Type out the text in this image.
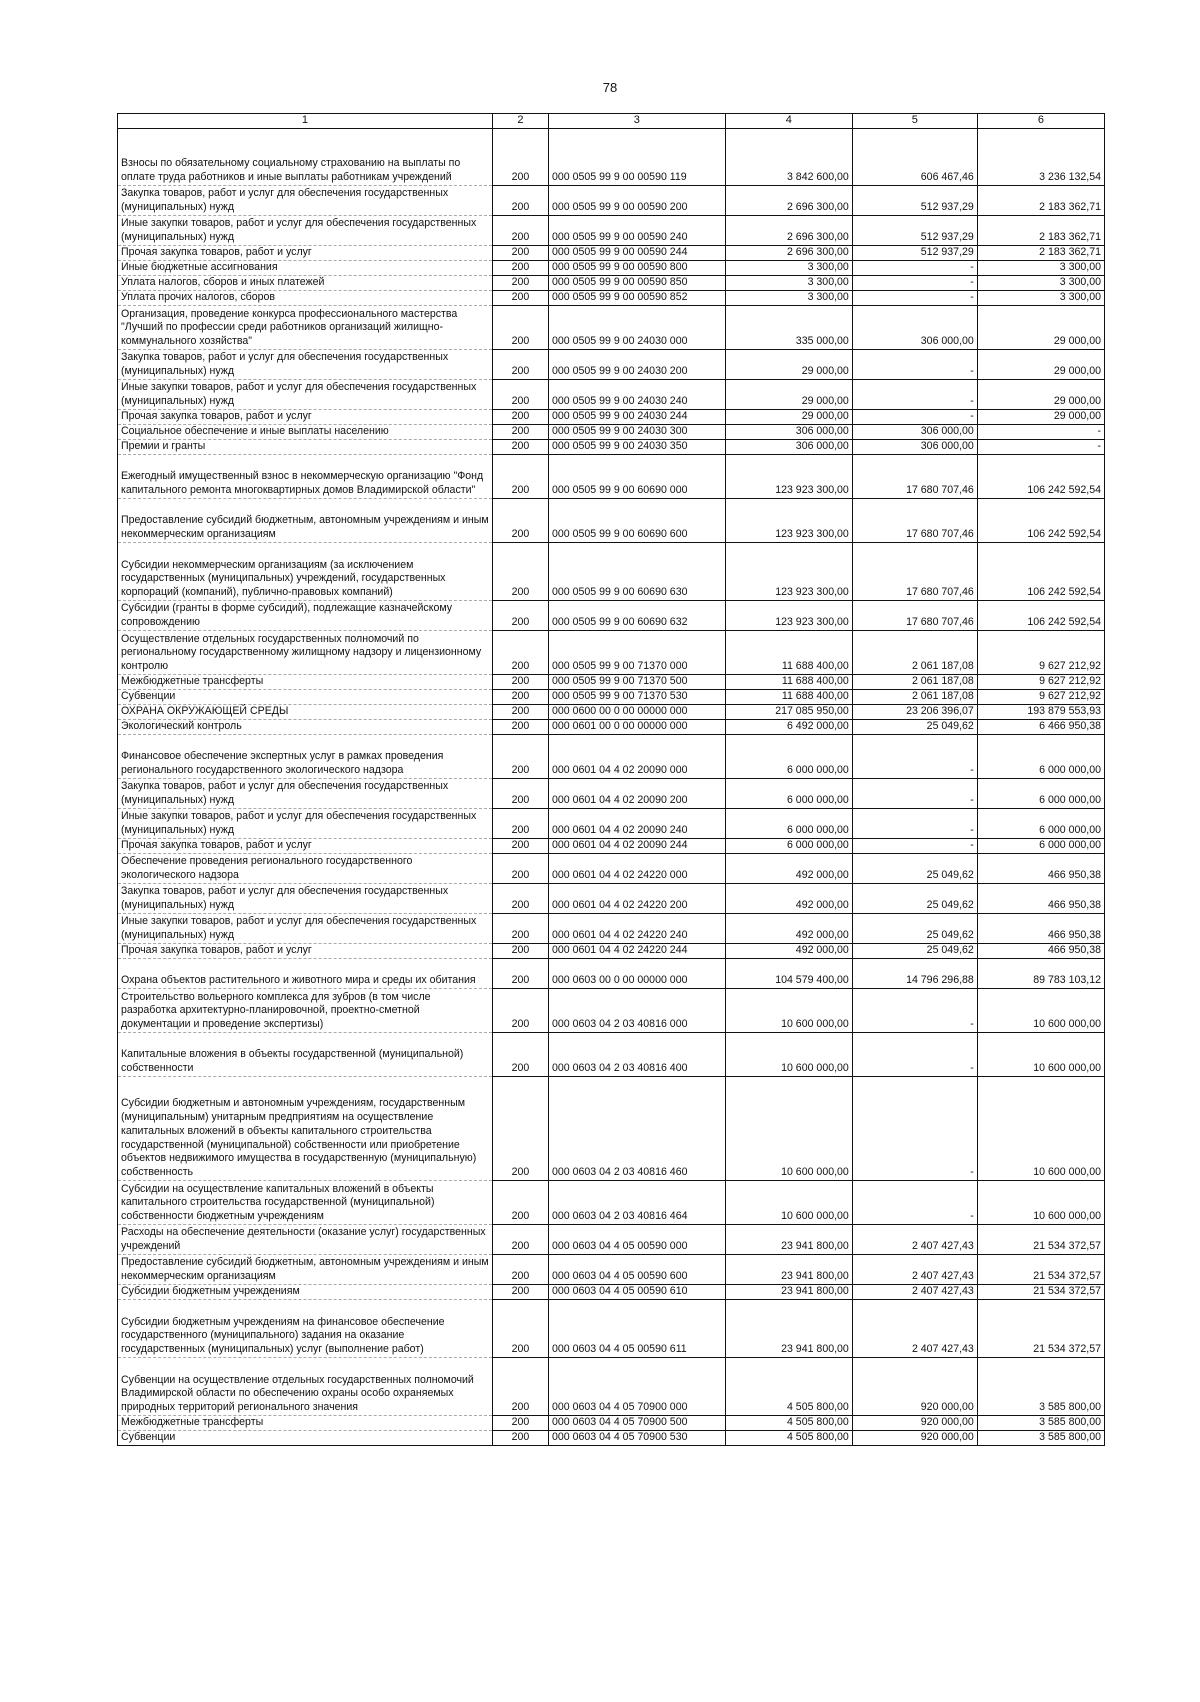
78
1	2	3	4	5	6
Взносы по обязательному социальному страхованию на выплаты по оплате труда работников и иные выплаты работникам учреждений	200	000 0505 99 9 00 00590 119	3 842 600,00	606 467,46	3 236 132,54
Закупка товаров, работ и услуг для обеспечения государственных (муниципальных) нужд	200	000 0505 99 9 00 00590 200	2 696 300,00	512 937,29	2 183 362,71
Иные закупки товаров, работ и услуг для обеспечения государственных (муниципальных) нужд	200	000 0505 99 9 00 00590 240	2 696 300,00	512 937,29	2 183 362,71
Прочая закупка товаров, работ и услуг	200	000 0505 99 9 00 00590 244	2 696 300,00	512 937,29	2 183 362,71
Иные бюджетные ассигнования	200	000 0505 99 9 00 00590 800	3 300,00	-	3 300,00
Уплата налогов, сборов и иных платежей	200	000 0505 99 9 00 00590 850	3 300,00	-	3 300,00
Уплата прочих налогов, сборов	200	000 0505 99 9 00 00590 852	3 300,00	-	3 300,00
Организация, проведение конкурса профессионального мастерства "Лучший по профессии среди работников организаций жилищно-коммунального хозяйства"	200	000 0505 99 9 00 24030 000	335 000,00	306 000,00	29 000,00
Закупка товаров, работ и услуг для обеспечения государственных (муниципальных) нужд	200	000 0505 99 9 00 24030 200	29 000,00	-	29 000,00
Иные закупки товаров, работ и услуг для обеспечения государственных (муниципальных) нужд	200	000 0505 99 9 00 24030 240	29 000,00	-	29 000,00
Прочая закупка товаров, работ и услуг	200	000 0505 99 9 00 24030 244	29 000,00	-	29 000,00
Социальное обеспечение и иные выплаты населению	200	000 0505 99 9 00 24030 300	306 000,00	306 000,00	-
Премии и гранты	200	000 0505 99 9 00 24030 350	306 000,00	306 000,00	-
Ежегодный имущественный взнос в некоммерческую организацию "Фонд капитального ремонта многоквартирных домов Владимирской области"	200	000 0505 99 9 00 60690 000	123 923 300,00	17 680 707,46	106 242 592,54
Предоставление субсидий бюджетным, автономным учреждениям и иным некоммерческим организациям	200	000 0505 99 9 00 60690 600	123 923 300,00	17 680 707,46	106 242 592,54
Субсидии некоммерческим организациям (за исключением государственных (муниципальных) учреждений, государственных корпораций (компаний), публично-правовых компаний)	200	000 0505 99 9 00 60690 630	123 923 300,00	17 680 707,46	106 242 592,54
Субсидии (гранты в форме субсидий), подлежащие казначейскому сопровождению	200	000 0505 99 9 00 60690 632	123 923 300,00	17 680 707,46	106 242 592,54
Осуществление отдельных государственных полномочий по региональному государственному жилищному надзору и лицензионному контролю	200	000 0505 99 9 00 71370 000	11 688 400,00	2 061 187,08	9 627 212,92
Межбюджетные трансферты	200	000 0505 99 9 00 71370 500	11 688 400,00	2 061 187,08	9 627 212,92
Субвенции	200	000 0505 99 9 00 71370 530	11 688 400,00	2 061 187,08	9 627 212,92
ОХРАНА ОКРУЖАЮЩЕЙ СРЕДЫ	200	000 0600 00 0 00 00000 000	217 085 950,00	23 206 396,07	193 879 553,93
Экологический контроль	200	000 0601 00 0 00 00000 000	6 492 000,00	25 049,62	6 466 950,38
Финансовое обеспечение экспертных услуг в рамках проведения регионального государственного экологического надзора	200	000 0601 04 4 02 20090 000	6 000 000,00	-	6 000 000,00
Закупка товаров, работ и услуг для обеспечения государственных (муниципальных) нужд	200	000 0601 04 4 02 20090 200	6 000 000,00	-	6 000 000,00
Иные закупки товаров, работ и услуг для обеспечения государственных (муниципальных) нужд	200	000 0601 04 4 02 20090 240	6 000 000,00	-	6 000 000,00
Прочая закупка товаров, работ и услуг	200	000 0601 04 4 02 20090 244	6 000 000,00	-	6 000 000,00
Обеспечение проведения регионального государственного экологического надзора	200	000 0601 04 4 02 24220 000	492 000,00	25 049,62	466 950,38
Закупка товаров, работ и услуг для обеспечения государственных (муниципальных) нужд	200	000 0601 04 4 02 24220 200	492 000,00	25 049,62	466 950,38
Иные закупки товаров, работ и услуг для обеспечения государственных (муниципальных) нужд	200	000 0601 04 4 02 24220 240	492 000,00	25 049,62	466 950,38
Прочая закупка товаров, работ и услуг	200	000 0601 04 4 02 24220 244	492 000,00	25 049,62	466 950,38
Охрана объектов растительного и животного мира и среды их обитания	200	000 0603 00 0 00 00000 000	104 579 400,00	14 796 296,88	89 783 103,12
Строительство вольерного комплекса для зубров (в том числе разработка архитектурно-планировочной, проектно-сметной документации и проведение экспертизы)	200	000 0603 04 2 03 40816 000	10 600 000,00	-	10 600 000,00
Капитальные вложения в объекты государственной (муниципальной) собственности	200	000 0603 04 2 03 40816 400	10 600 000,00	-	10 600 000,00
Субсидии бюджетным и автономным учреждениям, государственным (муниципальным) унитарным предприятиям на осуществление капитальных вложений в объекты капитального строительства государственной (муниципальной) собственности или приобретение объектов недвижимого имущества в государственную (муниципальную) собственность	200	000 0603 04 2 03 40816 460	10 600 000,00	-	10 600 000,00
Субсидии на осуществление капитальных вложений в объекты капитального строительства государственной (муниципальной) собственности бюджетным учреждениям	200	000 0603 04 2 03 40816 464	10 600 000,00	-	10 600 000,00
Расходы на обеспечение деятельности (оказание услуг) государственных учреждений	200	000 0603 04 4 05 00590 000	23 941 800,00	2 407 427,43	21 534 372,57
Предоставление субсидий бюджетным, автономным учреждениям и иным некоммерческим организациям	200	000 0603 04 4 05 00590 600	23 941 800,00	2 407 427,43	21 534 372,57
Субсидии бюджетным учреждениям	200	000 0603 04 4 05 00590 610	23 941 800,00	2 407 427,43	21 534 372,57
Субсидии бюджетным учреждениям на финансовое обеспечение государственного (муниципального) задания на оказание государственных (муниципальных) услуг (выполнение работ)	200	000 0603 04 4 05 00590 611	23 941 800,00	2 407 427,43	21 534 372,57
Субвенции на осуществление отдельных государственных полномочий Владимирской области по обеспечению охраны особо охраняемых природных территорий регионального значения	200	000 0603 04 4 05 70900 000	4 505 800,00	920 000,00	3 585 800,00
Межбюджетные трансферты	200	000 0603 04 4 05 70900 500	4 505 800,00	920 000,00	3 585 800,00
Субвенции	200	000 0603 04 4 05 70900 530	4 505 800,00	920 000,00	3 585 800,00
